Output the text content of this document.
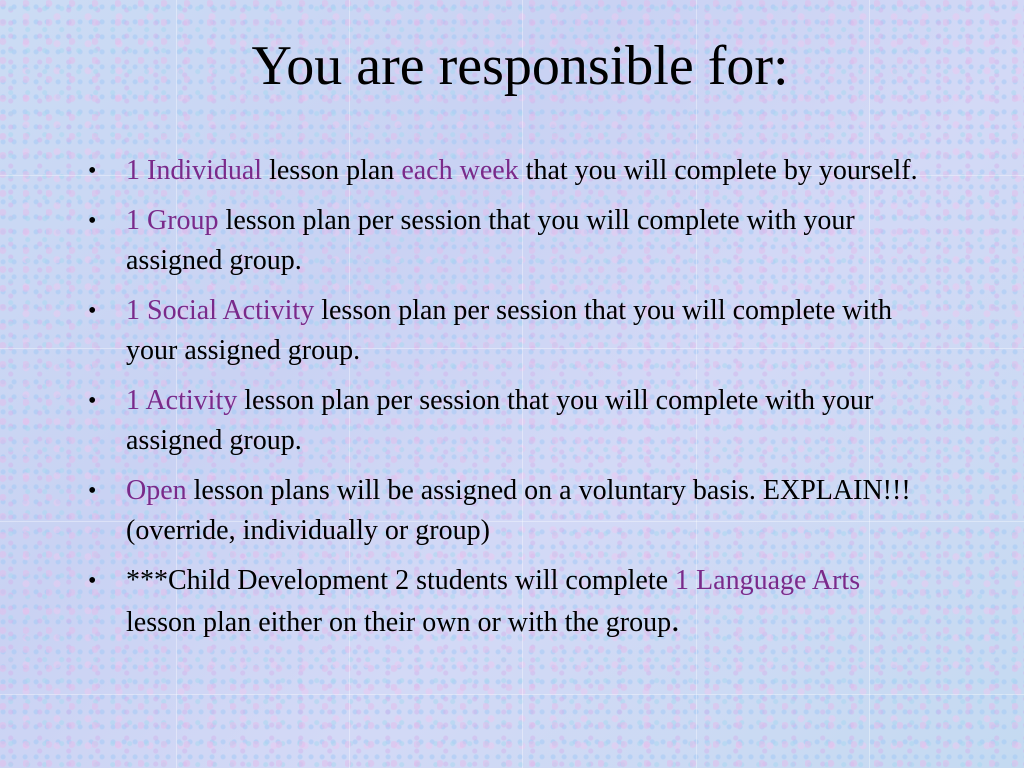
You are responsible for:
• 1 Individual lesson plan each week that you will complete by yourself.
• 1 Group lesson plan per session that you will complete with your assigned group.
• 1 Social Activity lesson plan per session that you will complete with your assigned group.
• 1 Activity lesson plan per session that you will complete with your assigned group.
• Open lesson plans will be assigned on a voluntary basis. EXPLAIN!!! (override, individually or group)
• ***Child Development 2 students will complete 1 Language Arts lesson plan either on their own or with the group.
